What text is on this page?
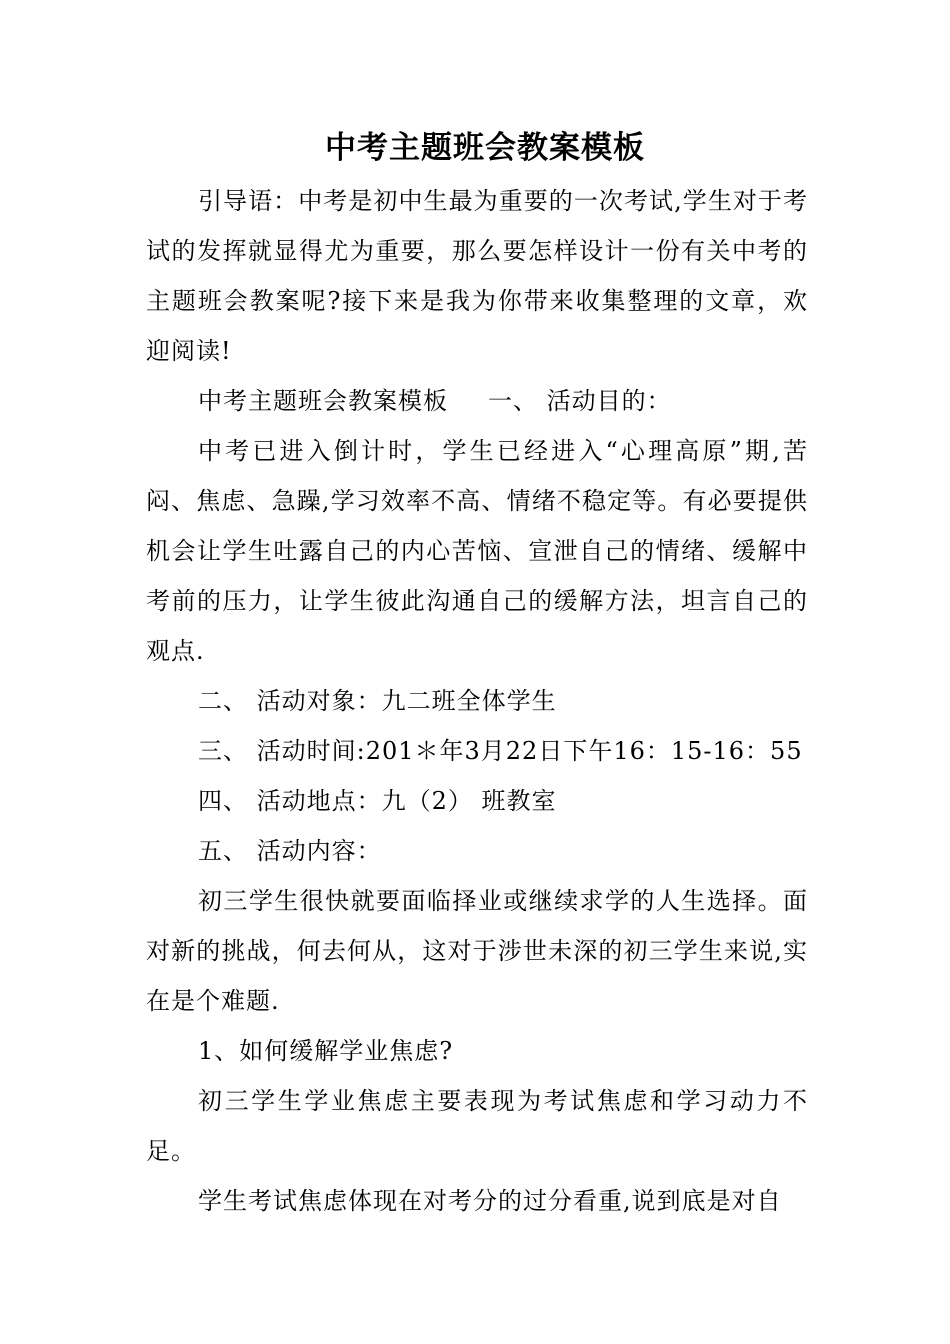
中考主题班会教案模板

引导语：中考是初中生最为重要的一次考试,学生对于考试的发挥就显得尤为重要，那么要怎样设计一份有关中考的主题班会教案呢?接下来是我为你带来收集整理的文章，欢迎阅读!

中考主题班会教案模板 一、 活动目的：

中考已进入倒计时，学生已经进入“心理高原”期,苦闷、焦虑、急躁,学习效率不高、情绪不稳定等。有必要提供机会让学生吐露自己的内心苦恼、宣泄自己的情绪、缓解中考前的压力，让学生彼此沟通自己的缓解方法，坦言自己的观点.

二、 活动对象：九二班全体学生

三、 活动时间:201＊年3月22日下午16：15-16：55

四、 活动地点：九（2） 班教室

五、 活动内容：

初三学生很快就要面临择业或继续求学的人生选择。面对新的挑战，何去何从，这对于涉世未深的初三学生来说,实在是个难题.

1、如何缓解学业焦虑?

初三学生学业焦虑主要表现为考试焦虑和学习动力不足。

学生考试焦虑体现在对考分的过分看重,说到底是对自
